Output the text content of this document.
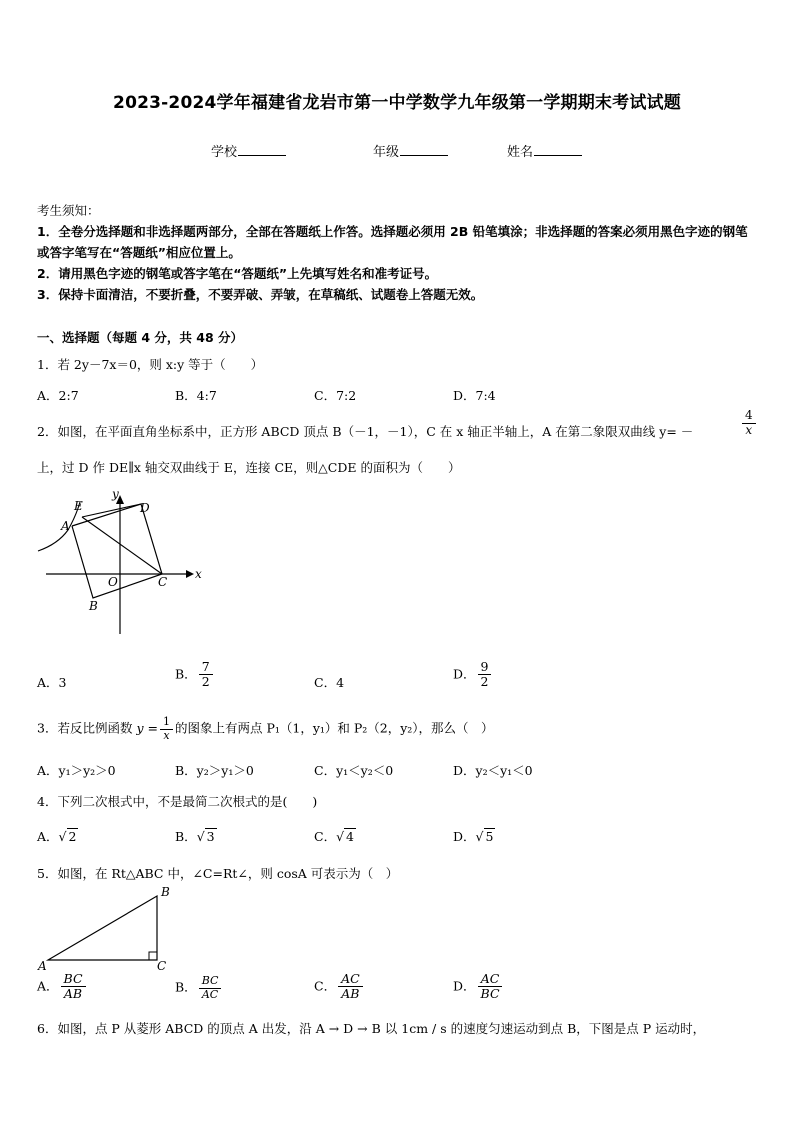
2023-2024学年福建省龙岩市第一中学数学九年级第一学期期末考试试题
学校	年级	姓名
考生须知：
1．全卷分选择题和非选择题两部分，全部在答题纸上作答。选择题必须用 2B 铅笔填涂；非选择题的答案必须用黑色字迹的钢笔或答字笔写在“答题纸”相应位置上。
2．请用黑色字迹的钢笔或答字笔在“答题纸”上先填写姓名和准考证号。
3．保持卡面清洁，不要折叠，不要弄破、弄皱，在草稿纸、试题卷上答题无效。
一、选择题（每题 4 分，共 48 分）
1．若 2y－7x＝0，则 x:y 等于（　　）
A．2:7	B．4:7	C．7:2	D．7:4
2．如图，在平面直角坐标系中，正方形 ABCD 顶点 B（－1，－1），C 在 x 轴正半轴上，A 在第二象限双曲线 y= －	$\frac{4}{x}$
上，过 D 作 DE∥x 轴交双曲线于 E，连接 CE，则△CDE 的面积为（　　）
E
y
D
A
O	C
x
B
A．3
B． $\frac{7}{2}$	C．4
D． $\frac{9}{2}$
3．若反比例函数 $y = \frac{1}{x}$ 的图象上有两点 P₁（1，y₁）和 P₂（2，y₂），那么（　）
A．y₁＞y₂＞0	B．y₂＞y₁＞0	C．y₁＜y₂＜0	D．y₂＜y₁＜0
4．下列二次根式中，不是最简二次根式的是(　　)
A．√ 2	B．√ 3	C．√ 4	D．√ 5
5．如图，在 Rt△ABC 中，∠C=Rt∠，则 cosA 可表示为（　）
A
B
C
A． $\frac{BC}{AB}$	B． $\frac{BC}{AC}$	C． $\frac{AC}{AB}$	D． $\frac{AC}{BC}$
6．如图，点 P 从菱形 ABCD 的顶点 A 出发，沿 A → D → B 以 1cm / s 的速度匀速运动到点 B，下图是点 P 运动时，
